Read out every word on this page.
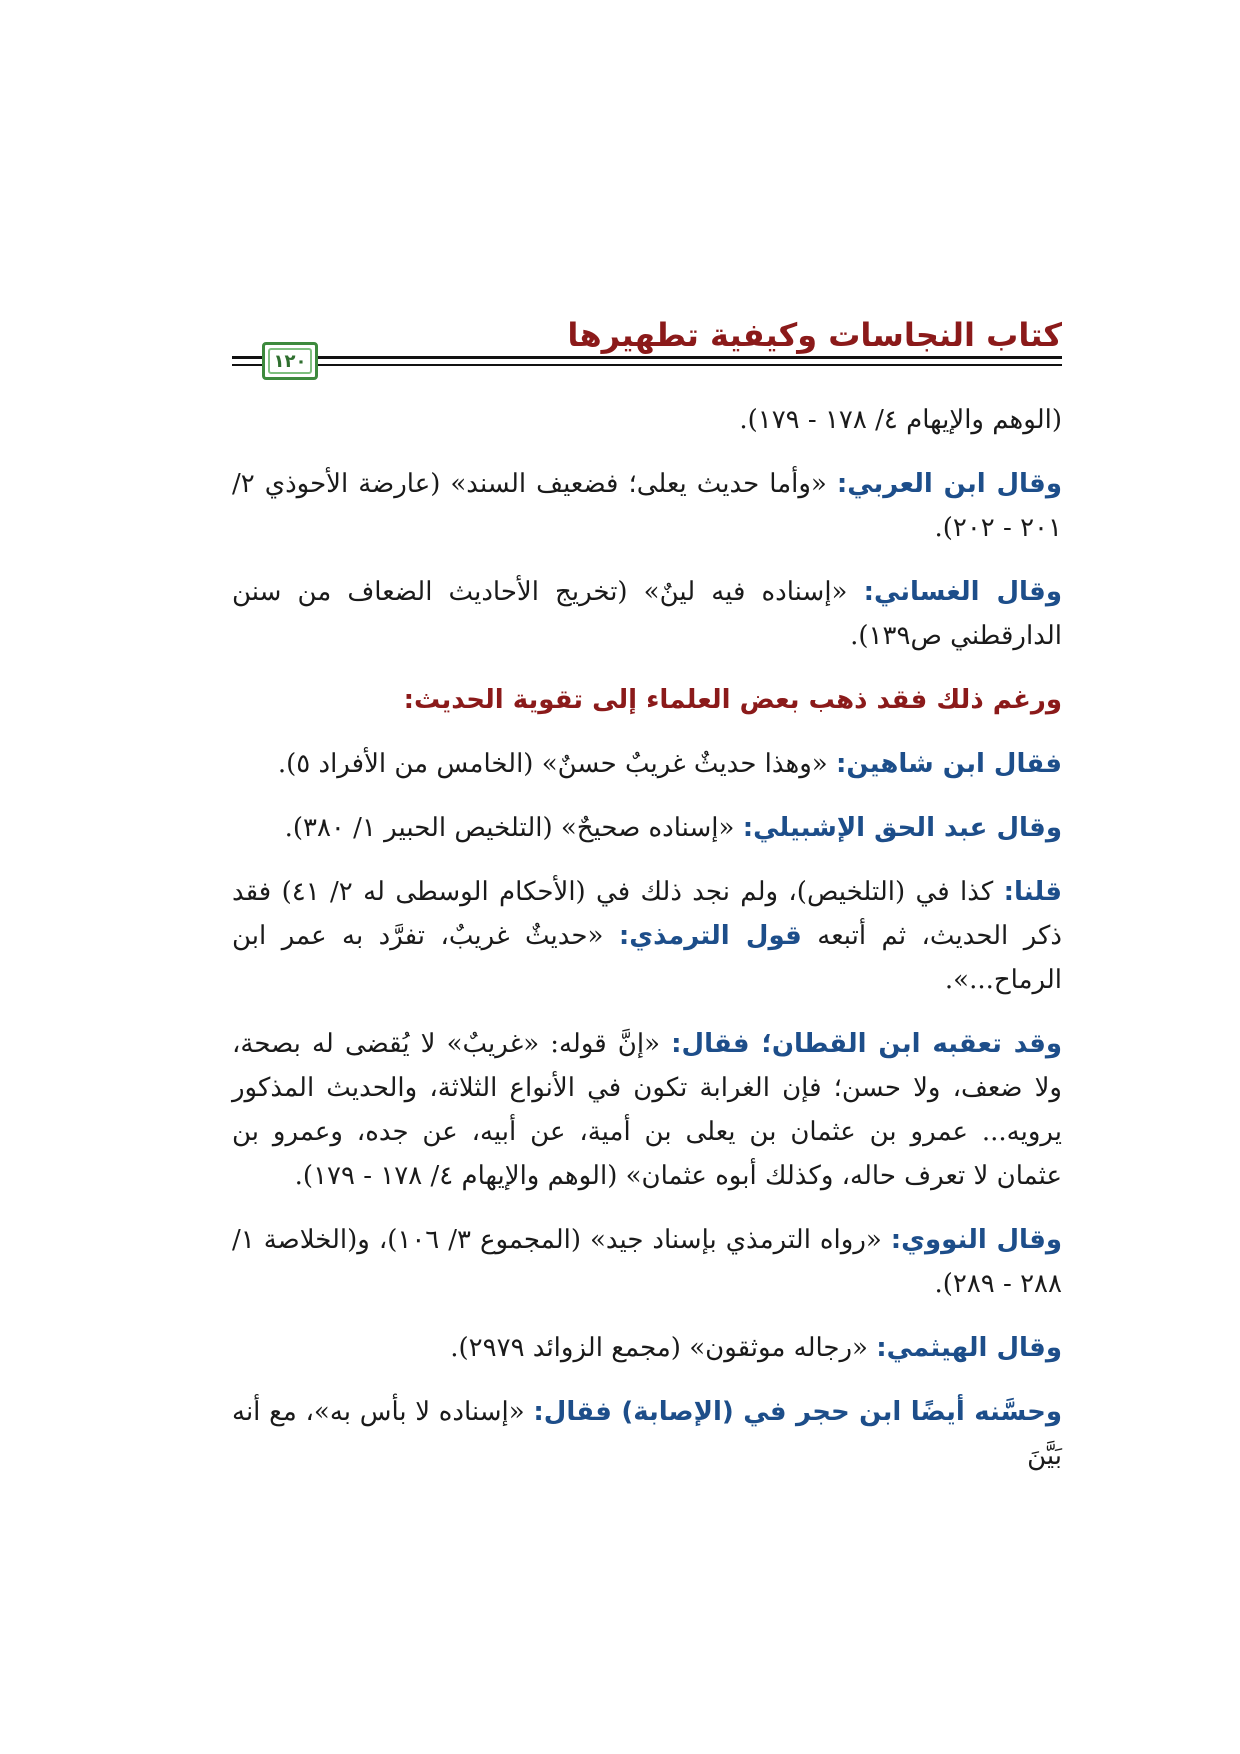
كتاب النجاسات وكيفية تطهيرها
١٢٠

(الوهم والإيهام ٤/ ١٧٨ - ١٧٩).

وقال ابن العربي: «وأما حديث يعلى؛ فضعيف السند» (عارضة الأحوذي ٢/ ٢٠١ - ٢٠٢).

وقال الغساني: «إسناده فيه لينٌ» (تخريج الأحاديث الضعاف من سنن الدارقطني ص١٣٩).

ورغم ذلك فقد ذهب بعض العلماء إلى تقوية الحديث:

فقال ابن شاهين: «وهذا حديثٌ غريبٌ حسنٌ» (الخامس من الأفراد ٥).

وقال عبد الحق الإشبيلي: «إسناده صحيحٌ» (التلخيص الحبير ١/ ٣٨٠).

قلنا: كذا في (التلخيص)، ولم نجد ذلك في (الأحكام الوسطى له ٢/ ٤١) فقد ذكر الحديث، ثم أتبعه قول الترمذي: «حديثٌ غريبٌ، تفرَّد به عمر ابن الرماح...».

وقد تعقبه ابن القطان؛ فقال: «إنَّ قوله: «غريبٌ» لا يُقضى له بصحة، ولا ضعف، ولا حسن؛ فإن الغرابة تكون في الأنواع الثلاثة، والحديث المذكور يرويه... عمرو بن عثمان بن يعلى بن أمية، عن أبيه، عن جده، وعمرو بن عثمان لا تعرف حاله، وكذلك أبوه عثمان» (الوهم والإيهام ٤/ ١٧٨ - ١٧٩).

وقال النووي: «رواه الترمذي بإسناد جيد» (المجموع ٣/ ١٠٦)، و(الخلاصة ١/ ٢٨٨ - ٢٨٩).

وقال الهيثمي: «رجاله موثقون» (مجمع الزوائد ٢٩٧٩).

وحسَّنه أيضًا ابن حجر في (الإصابة) فقال: «إسناده لا بأس به»، مع أنه بَيَّنَ
